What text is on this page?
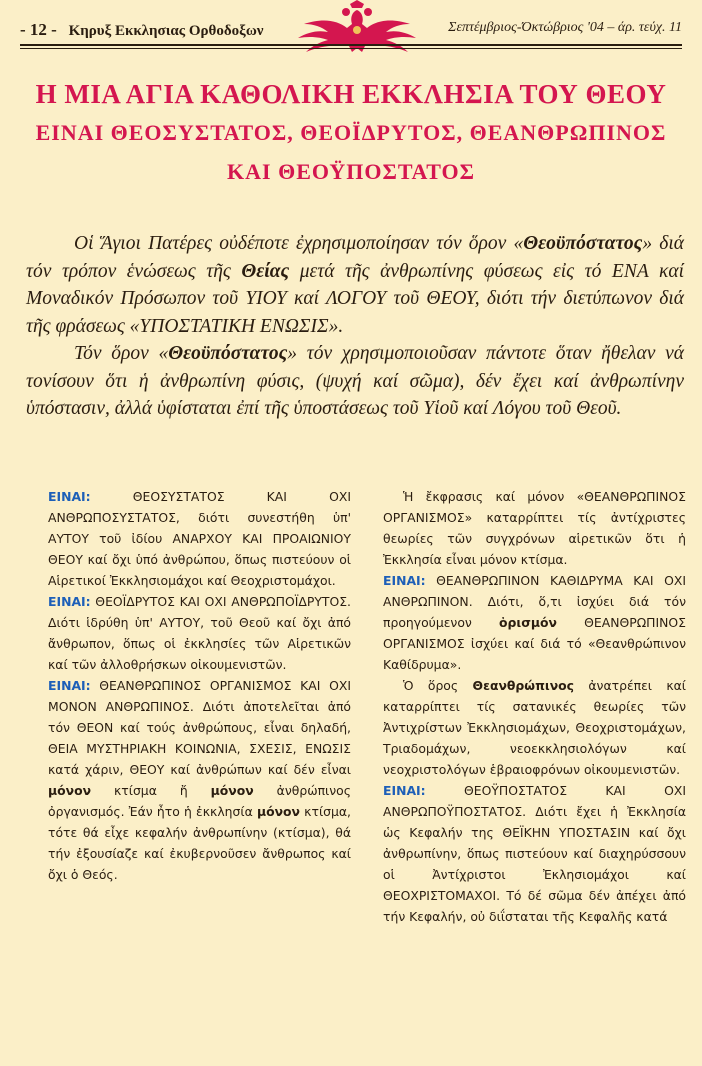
- 12 - Κηρυξ Εκκλησιας Ορθοδοξων	Σεπτέμβριος-Όκτώβριος '04 – άρ. τεύχ. 11
Η ΜΙΑ ΑΓΙΑ ΚΑΘΟΛΙΚΗ ΕΚΚΛΗΣΙΑ ΤΟΥ ΘΕΟΥ
ΕΙΝΑΙ ΘΕΟΣΥΣΤΑΤΟΣ, ΘΕΟΪΔΡΥΤΟΣ, ΘΕΑΝΘΡΩΠΙΝΟΣ
ΚΑΙ ΘΕΟΫΠΟΣΤΑΤΟΣ

Οἱ Ἅγιοι Πατέρες οὐδέποτε ἐχρησιμοποίησαν τόν ὅρον «Θεοϋπόστατος» διά τόν τρόπον ἑνώσεως τῆς Θείας μετά τῆς ἀνθρωπίνης φύσεως εἰς τό ΕΝΑ καί Μοναδικόν Πρόσωπον τοῦ ΥΙΟΥ καί ΛΟΓΟΥ τοῦ ΘΕΟΥ, διότι τήν διετύπωνον διά τῆς φράσεως «ΥΠΟΣΤΑΤΙΚΗ ΕΝΩΣΙΣ».

Τόν ὅρον «Θεοϋπόστατος» τόν χρησιμοποιοῦσαν πάντοτε ὅταν ἤθελαν νά τονίσουν ὅτι ἡ ἀνθρωπίνη φύσις, (ψυχή καί σῶμα), δέν ἔχει καί ἀνθρωπίνην ὑπόστασιν, ἀλλά ὑφίσταται ἐπί τῆς ὑποστάσεως τοῦ Υἱοῦ καί Λόγου τοῦ Θεοῦ.

ΕΙΝΑΙ: ΘΕΟΣΥΣΤΑΤΟΣ ΚΑΙ ΟΧΙ ΑΝΘΡΩΠΟΣΥΣΤΑΤΟΣ, διότι συνεστήθη ὑπ' ΑΥΤΟΥ τοῦ ἰδίου ΑΝΑΡΧΟΥ ΚΑΙ ΠΡΟΑΙΩΝΙΟΥ ΘΕΟΥ καί ὄχι ὑπό ἀνθρώπου, ὅπως πιστεύουν οἱ Αἱρετικοί Ἐκκλησιομάχοι καί Θεοχριστομάχοι.

ΕΙΝΑΙ: ΘΕΟΪΔΡΥΤΟΣ ΚΑΙ ΟΧΙ ΑΝΘΡΩΠΟΪΔΡΥΤΟΣ. Διότι ἱδρύθη ὑπ' ΑΥΤΟΥ, τοῦ Θεοῦ καί ὄχι ἀπό ἄνθρωπον, ὅπως οἱ ἐκκλησίες τῶν Αἱρετικῶν καί τῶν ἀλλοθρήσκων οἰκουμενιστῶν.

ΕΙΝΑΙ: ΘΕΑΝΘΡΩΠΙΝΟΣ ΟΡΓΑΝΙΣΜΟΣ ΚΑΙ ΟΧΙ ΜΟΝΟΝ ΑΝΘΡΩΠΙΝΟΣ. Διότι ἀποτελεῖται ἀπό τόν ΘΕΟΝ καί τούς ἀνθρώπους, εἶναι δηλαδή, ΘΕΙΑ ΜΥΣΤΗΡΙΑΚΗ ΚΟΙΝΩΝΙΑ, ΣΧΕΣΙΣ, ΕΝΩΣΙΣ κατά χάριν, ΘΕΟΥ καί ἀνθρώπων καί δέν εἶναι μόνον κτίσμα ἤ μόνον ἀνθρώπινος ὀργανισμός. Ἐάν ἦτο ἡ ἐκκλησία μόνον κτίσμα, τότε θά εἶχε κεφαλήν ἀνθρωπίνην (κτίσμα), θά τήν ἐξουσίαζε καί ἐκυβερνοῦσεν ἄνθρωπος καί ὄχι ὁ Θεός.

Ἡ ἔκφρασις καί μόνον «ΘΕΑΝΘΡΩΠΙΝΟΣ ΟΡΓΑΝΙΣΜΟΣ» καταρρίπτει τίς ἀντίχριστες θεωρίες τῶν συγχρόνων αἱρετικῶν ὅτι ἡ Ἐκκλησία εἶναι μόνον κτίσμα.

ΕΙΝΑΙ: ΘΕΑΝΘΡΩΠΙΝΟΝ ΚΑΘΙΔΡΥΜΑ ΚΑΙ ΟΧΙ ΑΝΘΡΩΠΙΝΟΝ. Διότι, ὅ,τι ἰσχύει διά τόν προηγούμενον ὁρισμόν ΘΕΑΝΘΡΩΠΙΝΟΣ ΟΡΓΑΝΙΣΜΟΣ ἰσχύει καί διά τό «Θεανθρώπινον Καθίδρυμα».

Ὁ ὅρος Θεανθρώπινος ἀνατρέπει καί καταρρίπτει τίς σατανικές θεωρίες τῶν Ἀντιχρίστων Ἐκκλησιομάχων, Θεοχριστομάχων, Τριαδομάχων, νεοεκκλησιολόγων καί νεοχριστολόγων ἑβραιοφρόνων οἰκουμενιστῶν.

ΕΙΝΑΙ: ΘΕΟΫΠΟΣΤΑΤΟΣ ΚΑΙ ΟΧΙ ΑΝΘΡΩΠΟΫΠΟΣΤΑΤΟΣ. Διότι ἔχει ἡ Ἐκκλησία ὡς Κεφαλήν της ΘΕΪΚΗΝ ΥΠΟΣΤΑΣΙΝ καί ὄχι ἀνθρωπίνην, ὅπως πιστεύουν καί διαχηρύσσουν οἱ Ἀντίχριστοι Ἐκλησιομάχοι καί ΘΕΟΧΡΙΣΤΟΜΑΧΟΙ. Τό δέ σῶμα δέν ἀπέχει ἀπό τήν Κεφαλήν, οὐ διΐσταται τῆς Κεφαλῆς κατά
